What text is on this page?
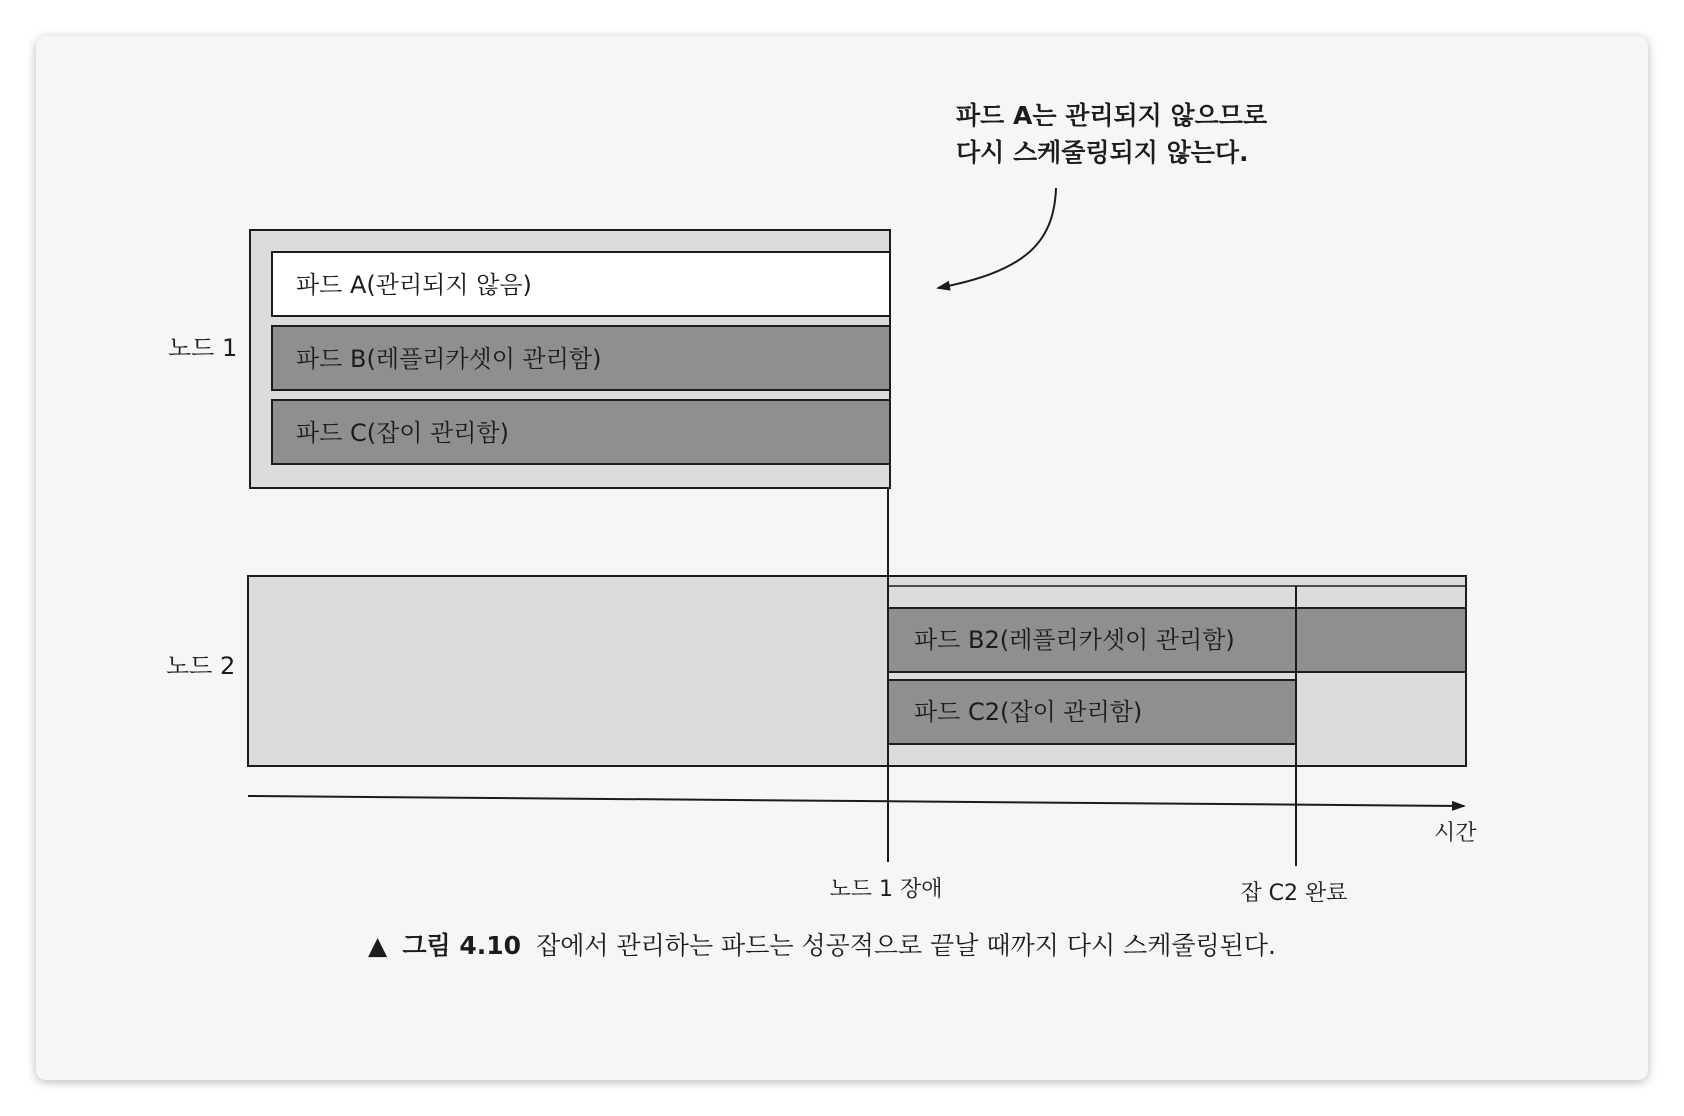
파드 A는 관리되지 않으므로
다시 스케줄링되지 않는다.
노드 1
파드 A(관리되지 않음)
파드 B(레플리카셋이 관리함)
파드 C(잡이 관리함)
노드 2
파드 B2(레플리카셋이 관리함)
파드 C2(잡이 관리함)
시간
노드 1 장애	잡 C2 완료
▲ 그림 4.10 잡에서 관리하는 파드는 성공적으로 끝날 때까지 다시 스케줄링된다.
